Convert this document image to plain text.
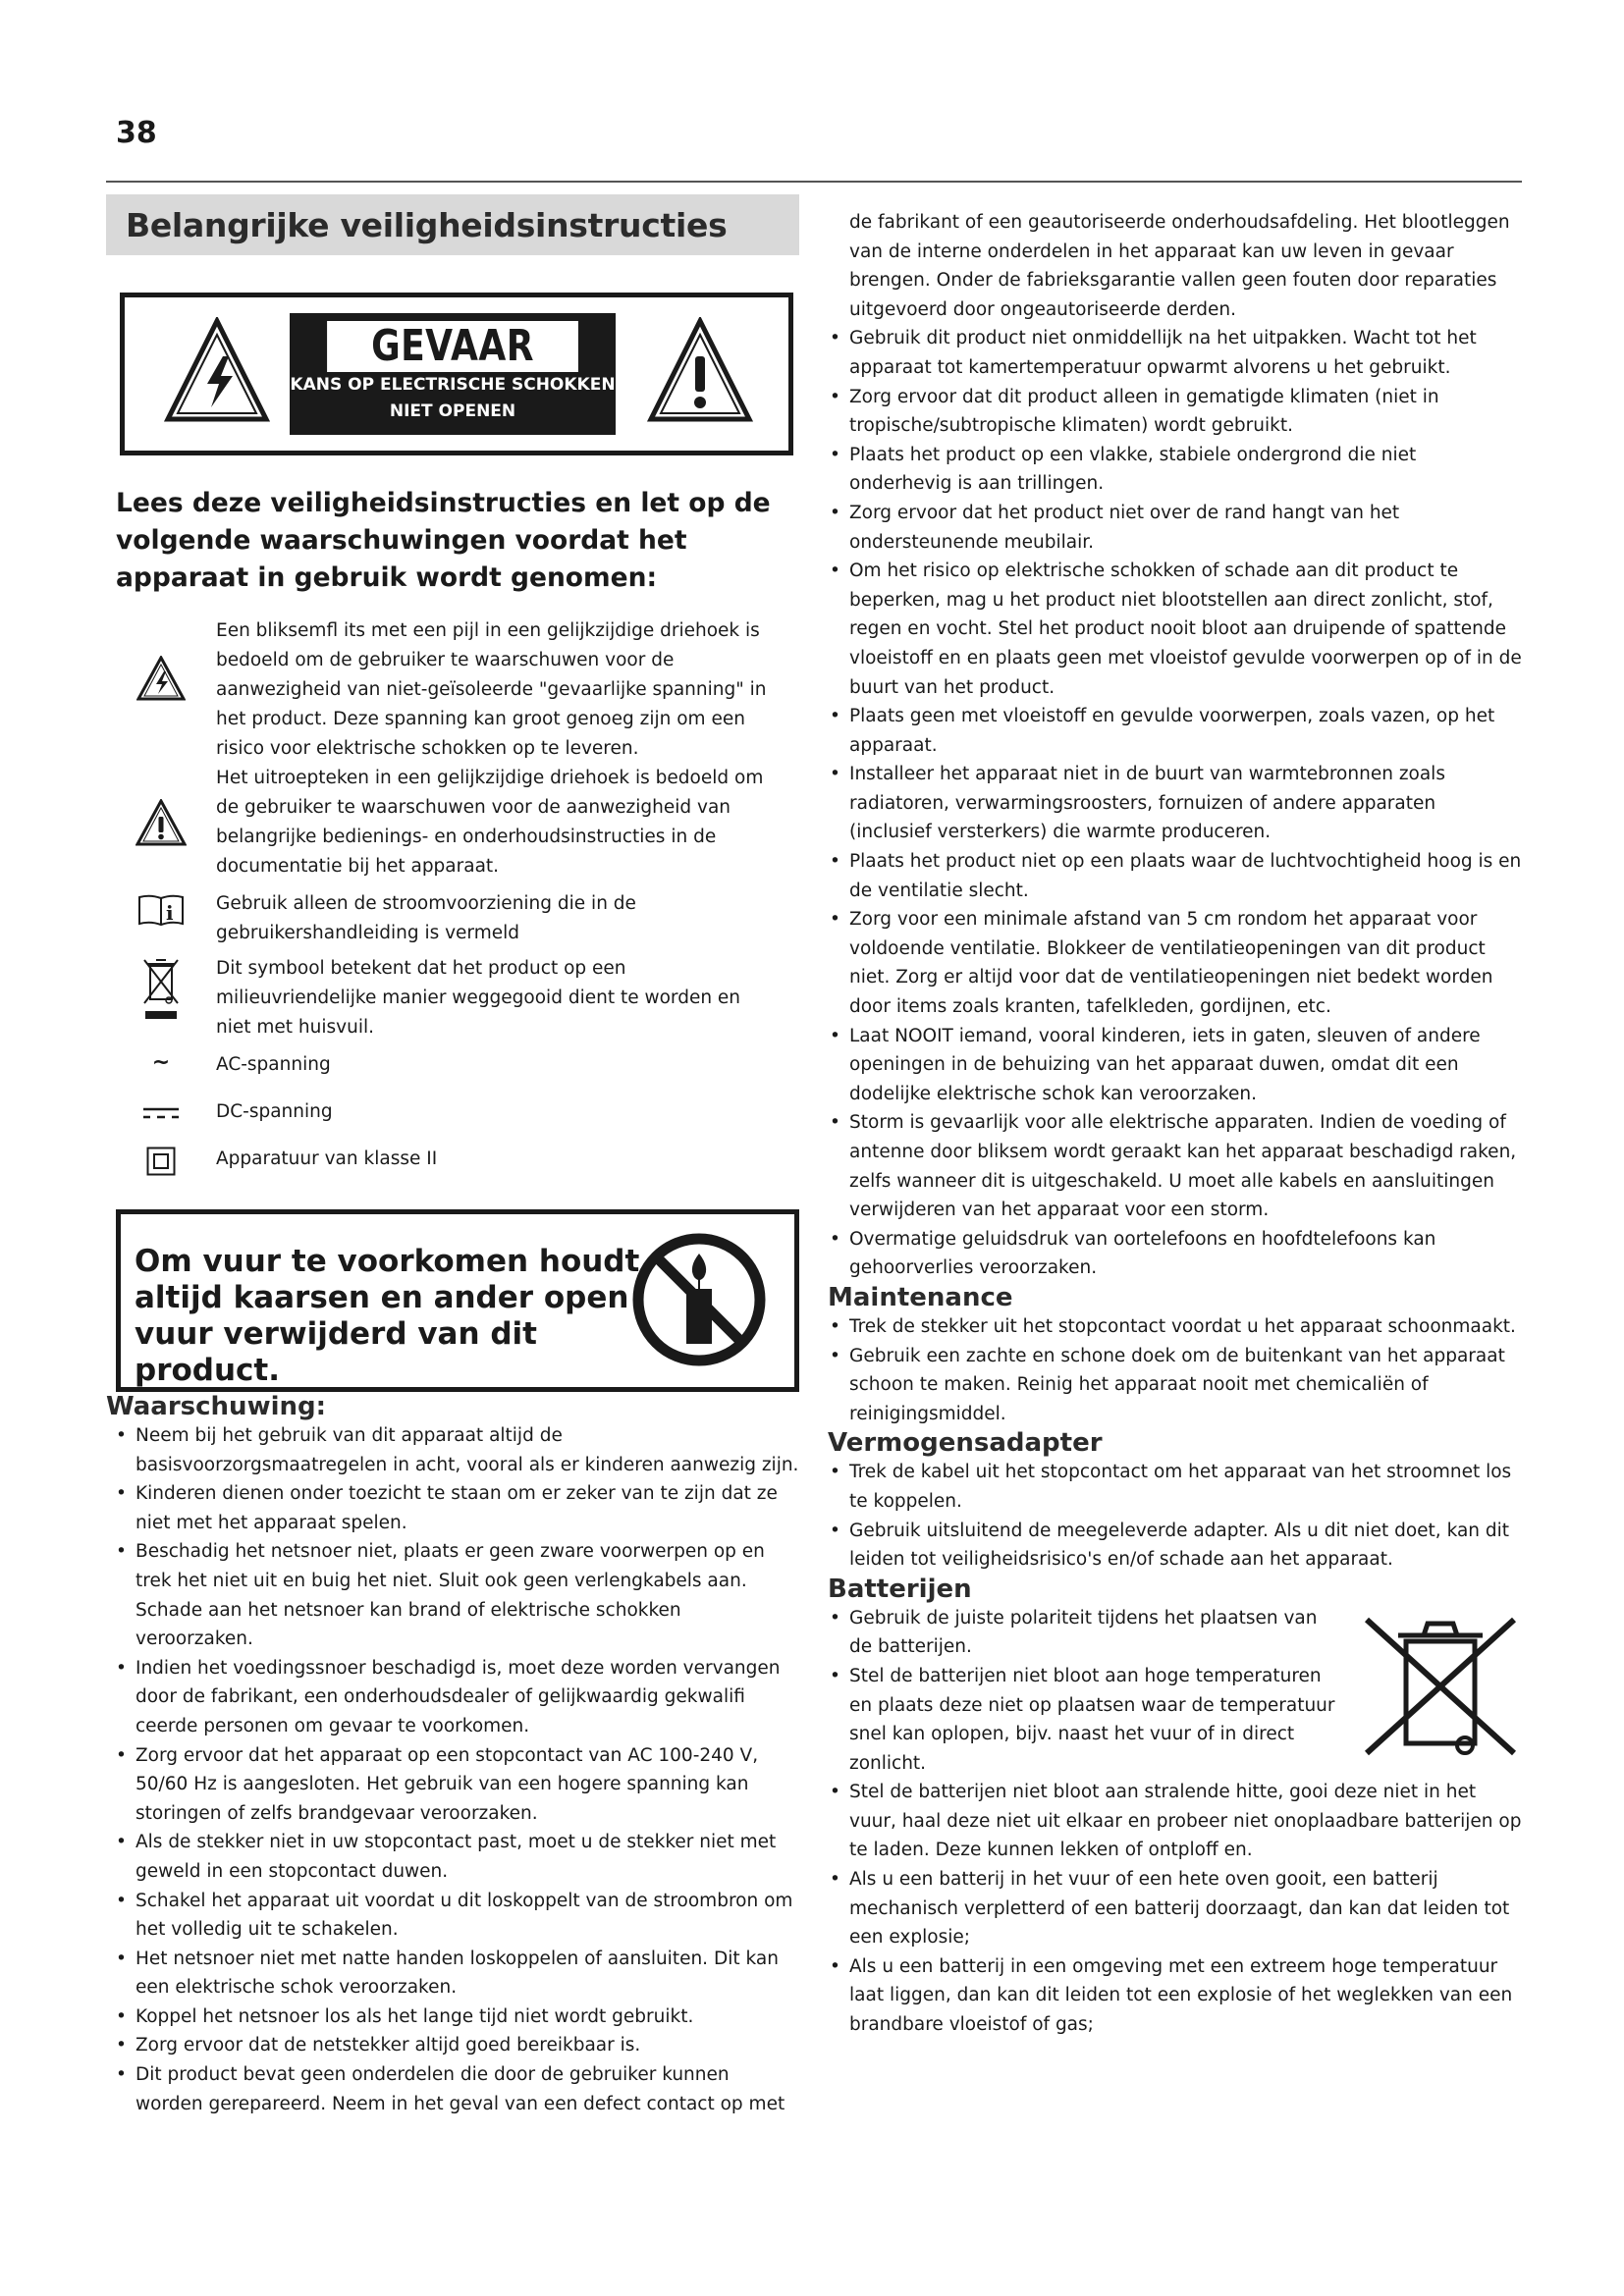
38
Belangrijke veiligheidsinstructies
GEVAAR
KANS OP ELECTRISCHE SCHOKKEN
NIET OPENEN
Lees deze veiligheidsinstructies en let op de volgende waarschuwingen voordat het apparaat in gebruik wordt genomen:
Een bliksemfl its met een pijl in een gelijkzijdige driehoek is bedoeld om de gebruiker te waarschuwen voor de aanwezigheid van niet-geïsoleerde "gevaarlijke spanning" in het product. Deze spanning kan groot genoeg zijn om een risico voor elektrische schokken op te leveren.
Het uitroepteken in een gelijkzijdige driehoek is bedoeld om de gebruiker te waarschuwen voor de aanwezigheid van belangrijke bedienings- en onderhoudsinstructies in de documentatie bij het apparaat.
i Gebruik alleen de stroomvoorziening die in de gebruikershandleiding is vermeld
Dit symbool betekent dat het product op een milieuvriendelijke manier weggegooid dient te worden en niet met huisvuil.
~	AC-spanning
DC-spanning
Apparatuur van klasse II
Om vuur te voorkomen houdt altijd kaarsen en ander open vuur verwijderd van dit product.
Waarschuwing:
• Neem bij het gebruik van dit apparaat altijd de basisvoorzorgsmaatregelen in acht, vooral als er kinderen aanwezig zijn.
• Kinderen dienen onder toezicht te staan om er zeker van te zijn dat ze niet met het apparaat spelen.
• Beschadig het netsnoer niet, plaats er geen zware voorwerpen op en trek het niet uit en buig het niet. Sluit ook geen verlengkabels aan. Schade aan het netsnoer kan brand of elektrische schokken veroorzaken.
• Indien het voedingssnoer beschadigd is, moet deze worden vervangen door de fabrikant, een onderhoudsdealer of gelijkwaardig gekwalifi ceerde personen om gevaar te voorkomen.
• Zorg ervoor dat het apparaat op een stopcontact van AC 100-240 V, 50/60 Hz is aangesloten. Het gebruik van een hogere spanning kan storingen of zelfs brandgevaar veroorzaken.
• Als de stekker niet in uw stopcontact past, moet u de stekker niet met geweld in een stopcontact duwen.
• Schakel het apparaat uit voordat u dit loskoppelt van de stroombron om het volledig uit te schakelen.
• Het netsnoer niet met natte handen loskoppelen of aansluiten. Dit kan een elektrische schok veroorzaken.
• Koppel het netsnoer los als het lange tijd niet wordt gebruikt.
• Zorg ervoor dat de netstekker altijd goed bereikbaar is.
• Dit product bevat geen onderdelen die door de gebruiker kunnen worden gerepareerd. Neem in het geval van een defect contact op met
de fabrikant of een geautoriseerde onderhoudsafdeling. Het blootleggen van de interne onderdelen in het apparaat kan uw leven in gevaar brengen. Onder de fabrieksgarantie vallen geen fouten door reparaties uitgevoerd door ongeautoriseerde derden.
• Gebruik dit product niet onmiddellijk na het uitpakken. Wacht tot het apparaat tot kamertemperatuur opwarmt alvorens u het gebruikt.
• Zorg ervoor dat dit product alleen in gematigde klimaten (niet in tropische/subtropische klimaten) wordt gebruikt.
• Plaats het product op een vlakke, stabiele ondergrond die niet onderhevig is aan trillingen.
• Zorg ervoor dat het product niet over de rand hangt van het ondersteunende meubilair.
• Om het risico op elektrische schokken of schade aan dit product te beperken, mag u het product niet blootstellen aan direct zonlicht, stof, regen en vocht. Stel het product nooit bloot aan druipende of spattende vloeistoff en en plaats geen met vloeistof gevulde voorwerpen op of in de buurt van het product.
• Plaats geen met vloeistoff en gevulde voorwerpen, zoals vazen, op het apparaat.
• Installeer het apparaat niet in de buurt van warmtebronnen zoals radiatoren, verwarmingsroosters, fornuizen of andere apparaten (inclusief versterkers) die warmte produceren.
• Plaats het product niet op een plaats waar de luchtvochtigheid hoog is en de ventilatie slecht.
• Zorg voor een minimale afstand van 5 cm rondom het apparaat voor voldoende ventilatie. Blokkeer de ventilatieopeningen van dit product niet. Zorg er altijd voor dat de ventilatieopeningen niet bedekt worden door items zoals kranten, tafelkleden, gordijnen, etc.
• Laat NOOIT iemand, vooral kinderen, iets in gaten, sleuven of andere openingen in de behuizing van het apparaat duwen, omdat dit een dodelijke elektrische schok kan veroorzaken.
• Storm is gevaarlijk voor alle elektrische apparaten. Indien de voeding of antenne door bliksem wordt geraakt kan het apparaat beschadigd raken, zelfs wanneer dit is uitgeschakeld. U moet alle kabels en aansluitingen verwijderen van het apparaat voor een storm.
• Overmatige geluidsdruk van oortelefoons en hoofdtelefoons kan gehoorverlies veroorzaken.
Maintenance
• Trek de stekker uit het stopcontact voordat u het apparaat schoonmaakt.
• Gebruik een zachte en schone doek om de buitenkant van het apparaat schoon te maken. Reinig het apparaat nooit met chemicaliën of reinigingsmiddel.
Vermogensadapter
• Trek de kabel uit het stopcontact om het apparaat van het stroomnet los te koppelen.
• Gebruik uitsluitend de meegeleverde adapter. Als u dit niet doet, kan dit leiden tot veiligheidsrisico's en/of schade aan het apparaat.
Batterijen
• Gebruik de juiste polariteit tijdens het plaatsen van de batterijen.
• Stel de batterijen niet bloot aan hoge temperaturen en plaats deze niet op plaatsen waar de temperatuur snel kan oplopen, bijv. naast het vuur of in direct zonlicht.
• Stel de batterijen niet bloot aan stralende hitte, gooi deze niet in het vuur, haal deze niet uit elkaar en probeer niet onoplaadbare batterijen op te laden. Deze kunnen lekken of ontploff en.
• Als u een batterij in het vuur of een hete oven gooit, een batterij mechanisch verpletterd of een batterij doorzaagt, dan kan dat leiden tot een explosie;
• Als u een batterij in een omgeving met een extreem hoge temperatuur laat liggen, dan kan dit leiden tot een explosie of het weglekken van een brandbare vloeistof of gas;
